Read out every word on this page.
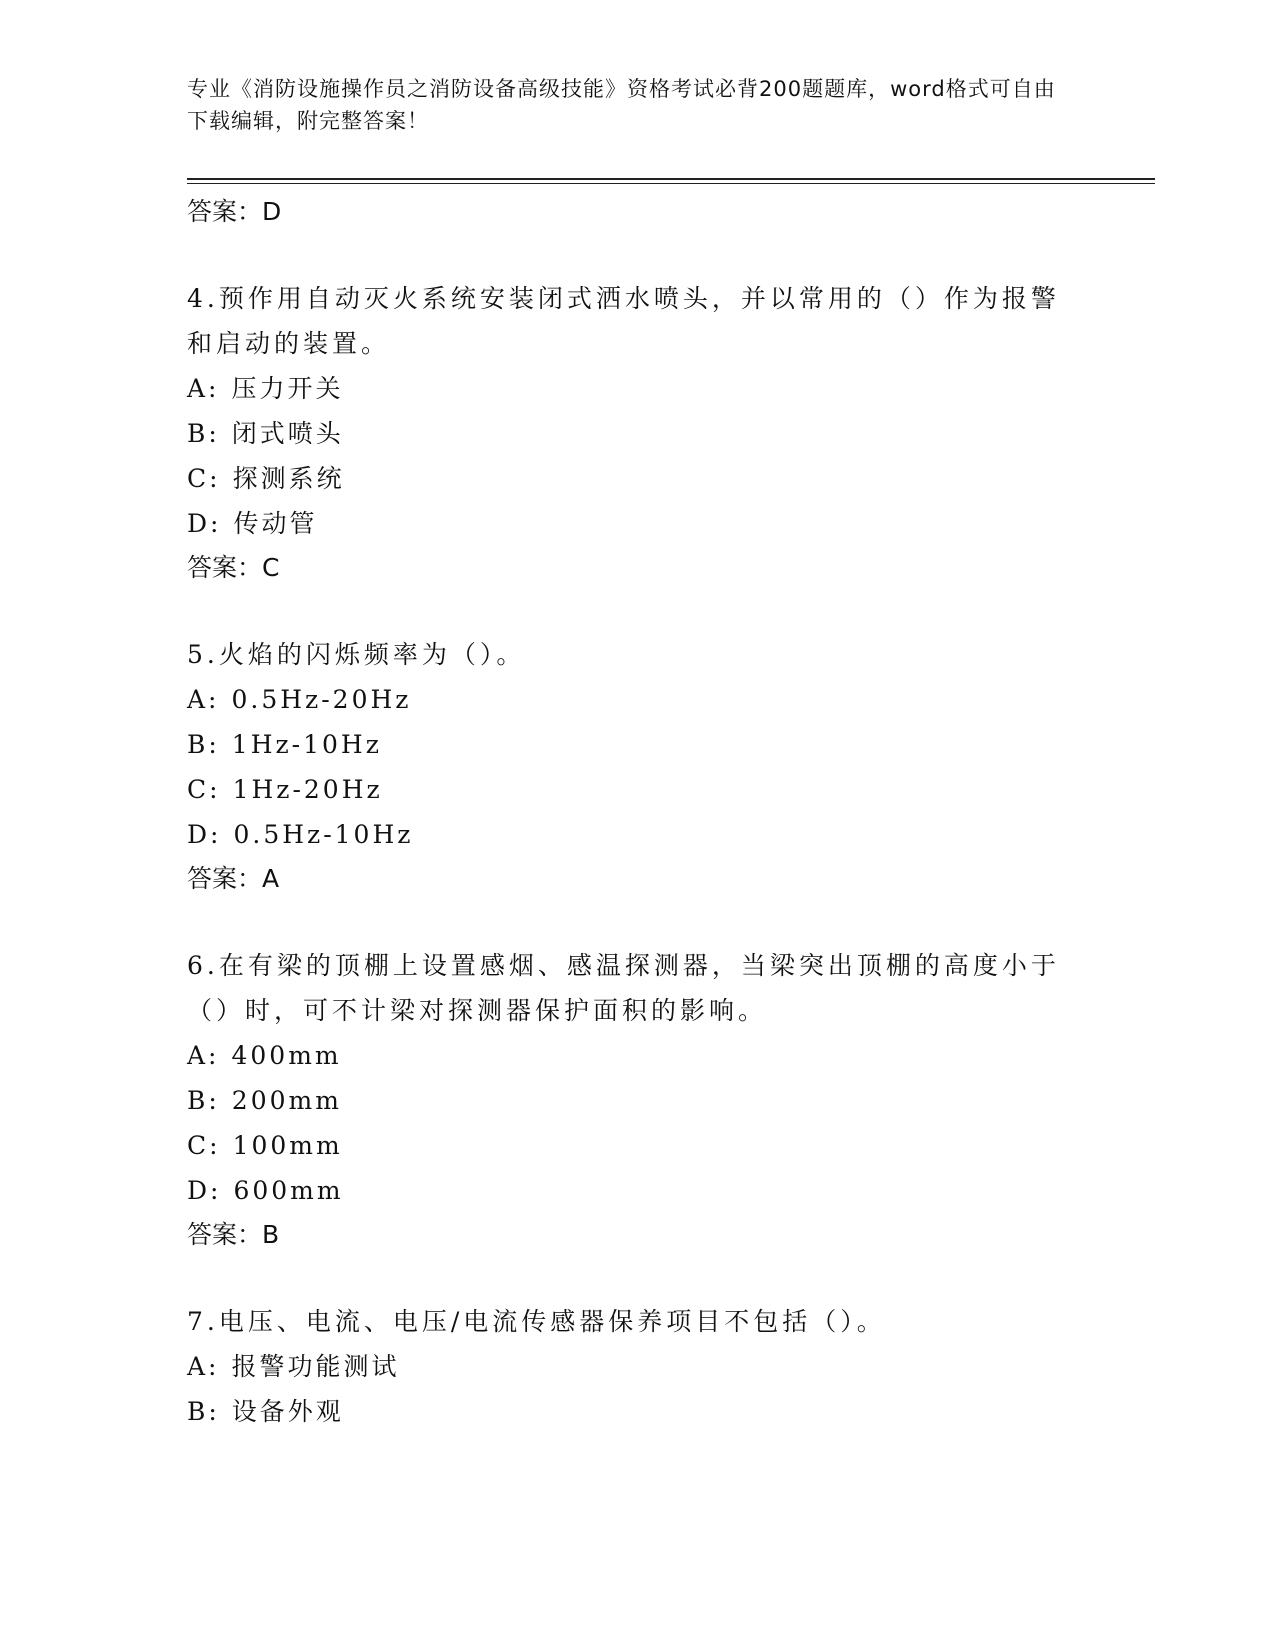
专业《消防设施操作员之消防设备高级技能》资格考试必背200题题库，word格式可自由下载编辑，附完整答案！
答案：D
4.预作用自动灭火系统安装闭式洒水喷头，并以常用的（）作为报警和启动的装置。
A: 压力开关
B: 闭式喷头
C: 探测系统
D: 传动管
答案：C
5.火焰的闪烁频率为（）。
A: 0.5Hz-20Hz
B: 1Hz-10Hz
C: 1Hz-20Hz
D: 0.5Hz-10Hz
答案：A
6.在有梁的顶棚上设置感烟、感温探测器，当梁突出顶棚的高度小于（）时，可不计梁对探测器保护面积的影响。
A: 400mm
B: 200mm
C: 100mm
D: 600mm
答案：B
7.电压、电流、电压/电流传感器保养项目不包括（）。
A: 报警功能测试
B: 设备外观
